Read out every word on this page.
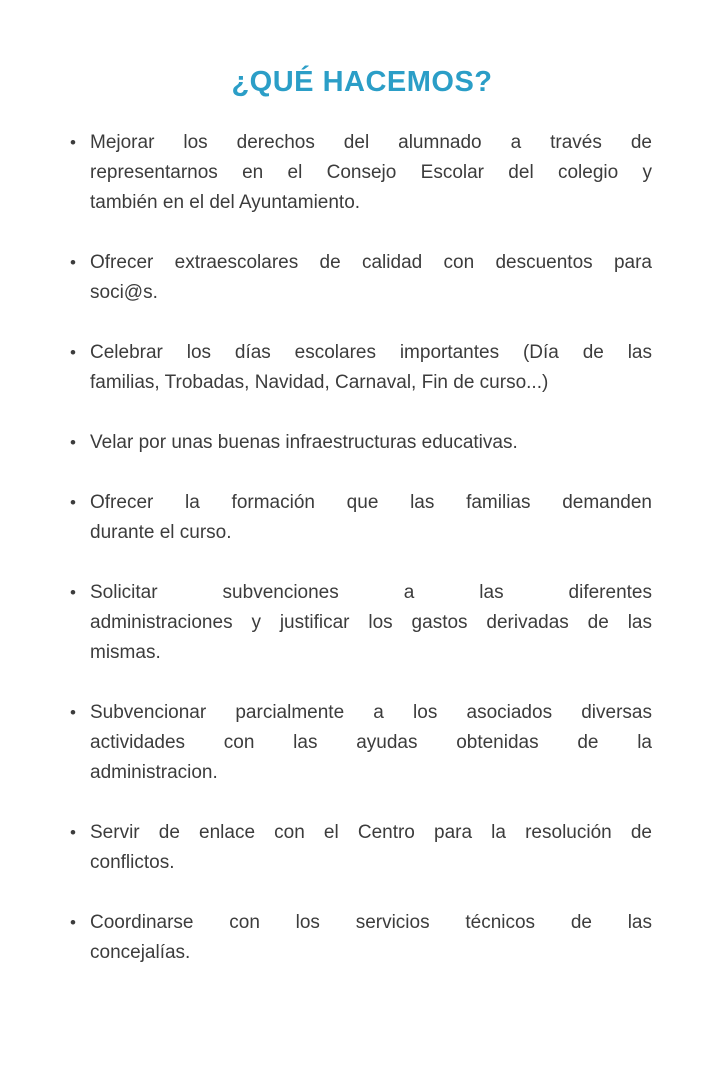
¿QUÉ HACEMOS?
• Mejorar los derechos del alumnado a través de
representarnos en el Consejo Escolar del colegio y
también en el del Ayuntamiento.
• Ofrecer extraescolares de calidad con descuentos para
soci@s.
• Celebrar los días escolares importantes (Día de las
familias, Trobadas, Navidad, Carnaval, Fin de curso...)
• Velar por unas buenas infraestructuras educativas.
• Ofrecer la formación que las familias demanden
durante el curso.
• Solicitar subvenciones a las diferentes
administraciones y justificar los gastos derivadas de las
mismas.
• Subvencionar parcialmente a los asociados diversas
actividades con las ayudas obtenidas de la
administracion.
• Servir de enlace con el Centro para la resolución de
conflictos.
• Coordinarse con los servicios técnicos de las
concejalías.
